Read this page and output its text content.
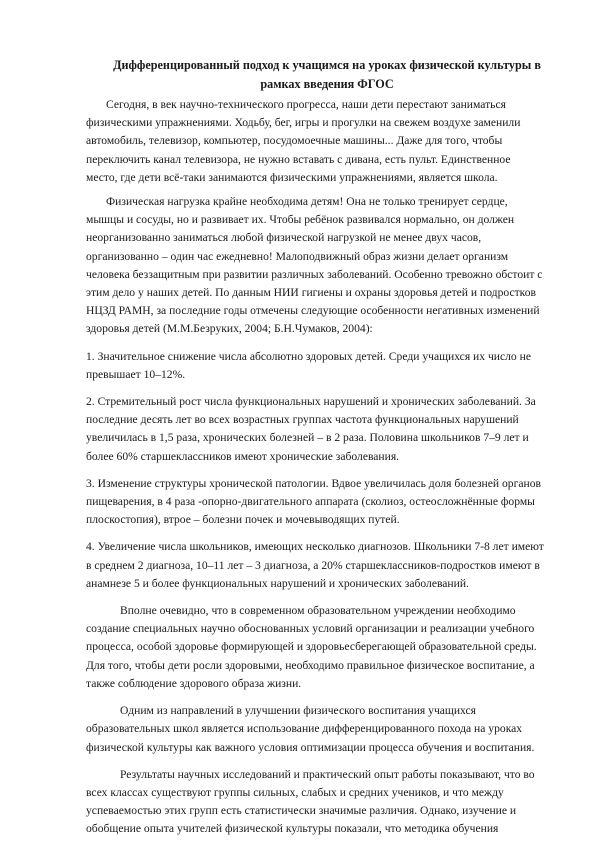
Дифференцированный подход к учащимся на уроках физической культуры в рамках введения ФГОС

Сегодня, в век научно-технического прогресса, наши дети перестают заниматься физическими упражнениями. Ходьбу, бег, игры и прогулки на свежем воздухе заменили автомобиль, телевизор, компьютер, посудомоечные машины... Даже для того, чтобы переключить канал телевизора, не нужно вставать с дивана, есть пульт. Единственное место, где дети всё-таки занимаются физическими упражнениями, является школа.

Физическая нагрузка крайне необходима детям! Она не только тренирует сердце, мышцы и сосуды, но и развивает их. Чтобы ребёнок развивался нормально, он должен неорганизованно заниматься любой физической нагрузкой не менее двух часов, организованно – один час ежедневно! Малоподвижный образ жизни делает организм человека беззащитным при развитии различных заболеваний. Особенно тревожно обстоит с этим дело у наших детей. По данным НИИ гигиены и охраны здоровья детей и подростков НЦЗД РАМН, за последние годы отмечены следующие особенности негативных изменений здоровья детей (М.М.Безруких, 2004; Б.Н.Чумаков, 2004):

1. Значительное снижение числа абсолютно здоровых детей. Среди учащихся их число не превышает 10–12%.

2. Стремительный рост числа функциональных нарушений и хронических заболеваний. За последние десять лет во всех возрастных группах частота функциональных нарушений увеличилась в 1,5 раза, хронических болезней – в 2 раза. Половина школьников 7–9 лет и более 60% старшеклассников имеют хронические заболевания.

3. Изменение структуры хронической патологии. Вдвое увеличилась доля болезней органов пищеварения, в 4 раза -опорно-двигательного аппарата (сколиоз, остеосложнённые формы плоскостопия), втрое – болезни почек и мочевыводящих путей.

4. Увеличение числа школьников, имеющих несколько диагнозов. Школьники 7-8 лет имеют в среднем 2 диагноза, 10–11 лет – 3 диагноза, а 20% старшеклассников-подростков имеют в анамнезе 5 и более функциональных нарушений и хронических заболеваний.

Вполне очевидно, что в современном образовательном учреждении необходимо создание специальных научно обоснованных условий организации и реализации учебного процесса, особой здоровье формирующей и здоровьесберегающей образовательной среды. Для того, чтобы дети росли здоровыми, необходимо правильное физическое воспитание, а также соблюдение здорового образа жизни.

Одним из направлений в улучшении физического воспитания учащихся образовательных школ является использование дифференцированного похода на уроках физической культуры как важного условия оптимизации процесса обучения и воспитания.

Результаты научных исследований и практический опыт работы показывают, что во всех классах существуют группы сильных, слабых и средних учеников, и что между успеваемостью этих групп есть статистически значимые различия. Однако, изучение и обобщение опыта учителей физической культуры показали, что методика обучения
